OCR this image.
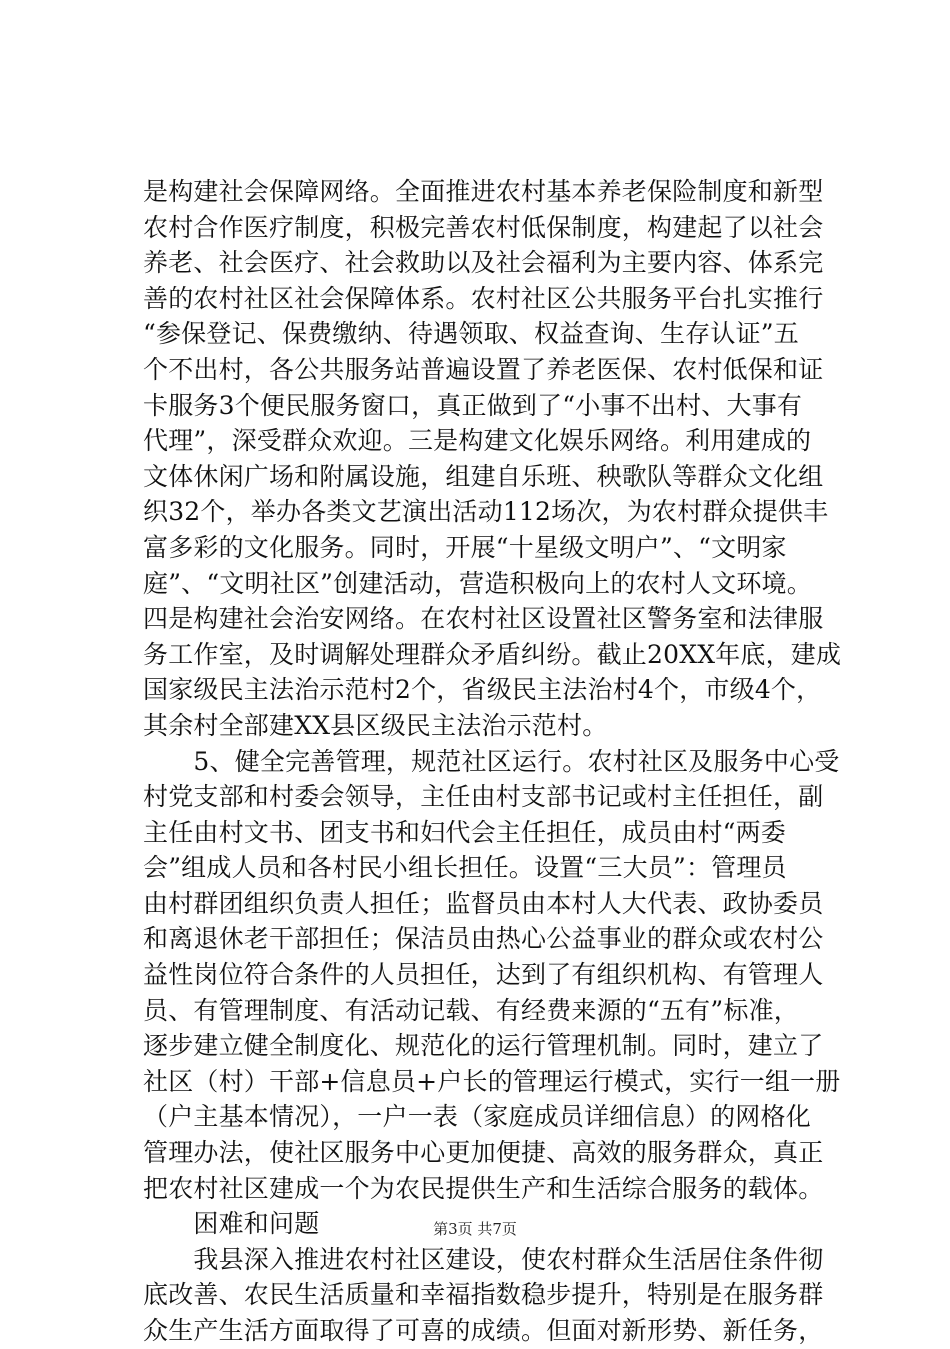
是构建社会保障网络。全面推进农村基本养老保险制度和新型
农村合作医疗制度，积极完善农村低保制度，构建起了以社会
养老、社会医疗、社会救助以及社会福利为主要内容、体系完
善的农村社区社会保障体系。农村社区公共服务平台扎实推行
“参保登记、保费缴纳、待遇领取、权益查询、生存认证”五
个不出村，各公共服务站普遍设置了养老医保、农村低保和证
卡服务3个便民服务窗口，真正做到了“小事不出村、大事有
代理”，深受群众欢迎。三是构建文化娱乐网络。利用建成的
文体休闲广场和附属设施，组建自乐班、秧歌队等群众文化组
织32个，举办各类文艺演出活动112场次，为农村群众提供丰
富多彩的文化服务。同时，开展“十星级文明户”、“文明家
庭”、“文明社区”创建活动，营造积极向上的农村人文环境。
四是构建社会治安网络。在农村社区设置社区警务室和法律服
务工作室，及时调解处理群众矛盾纠纷。截止20XX年底，建成
国家级民主法治示范村2个，省级民主法治村4个，市级4个，
其余村全部建XX县区级民主法治示范村。
　　5、健全完善管理，规范社区运行。农村社区及服务中心受
村党支部和村委会领导，主任由村支部书记或村主任担任，副
主任由村文书、团支书和妇代会主任担任，成员由村“两委
会”组成人员和各村民小组长担任。设置“三大员”：管理员
由村群团组织负责人担任；监督员由本村人大代表、政协委员
和离退休老干部担任；保洁员由热心公益事业的群众或农村公
益性岗位符合条件的人员担任，达到了有组织机构、有管理人
员、有管理制度、有活动记载、有经费来源的“五有”标准，
逐步建立健全制度化、规范化的运行管理机制。同时，建立了
社区（村）干部+信息员+户长的管理运行模式，实行一组一册
（户主基本情况），一户一表（家庭成员详细信息）的网格化
管理办法，使社区服务中心更加便捷、高效的服务群众，真正
把农村社区建成一个为农民提供生产和生活综合服务的载体。
　　困难和问题
　　我县深入推进农村社区建设，使农村群众生活居住条件彻
底改善、农民生活质量和幸福指数稳步提升，特别是在服务群
众生产生活方面取得了可喜的成绩。但面对新形势、新任务，
第3页 共7页
